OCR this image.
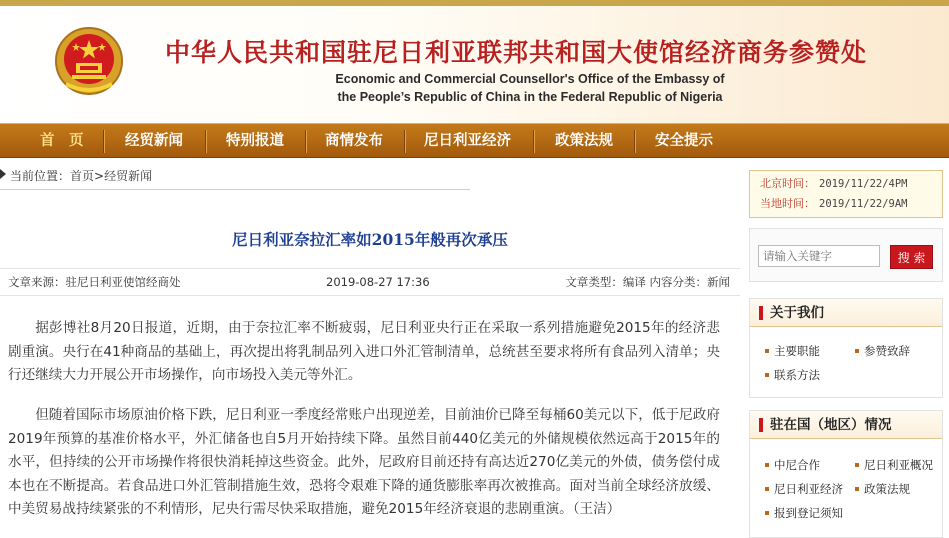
中华人民共和国驻尼日利亚联邦共和国大使馆经济商务参赞处
Economic and Commercial Counsellor's Office of the Embassy of
the People’s Republic of China in the Federal Republic of Nigeria
首　页	经贸新闻	特别报道	商情发布	尼日利亚经济	政策法规	安全提示
当前位置：首页>经贸新闻
尼日利亚奈拉汇率如2015年般再次承压
文章来源：驻尼日利亚使馆经商处	2019-08-27 17:36	文章类型：编译 内容分类：新闻

据彭博社8月20日报道，近期，由于奈拉汇率不断疲弱，尼日利亚央行正在采取一系列措施避免2015年的经济悲剧重演。央行在41种商品的基础上，再次提出将乳制品列入进口外汇管制清单，总统甚至要求将所有食品列入清单；央行还继续大力开展公开市场操作，向市场投入美元等外汇。

但随着国际市场原油价格下跌，尼日利亚一季度经常账户出现逆差，目前油价已降至每桶60美元以下，低于尼政府2019年预算的基准价格水平，外汇储备也自5月开始持续下降。虽然目前440亿美元的外储规模依然远高于2015年的水平，但持续的公开市场操作将很快消耗掉这些资金。此外，尼政府目前还持有高达近270亿美元的外债，债务偿付成本也在不断提高。若食品进口外汇管制措施生效，恐将令艰难下降的通货膨胀率再次被推高。面对当前全球经济放缓、中美贸易战持续紧张的不利情形，尼央行需尽快采取措施，避免2015年经济衰退的悲剧重演。（王洁）

北京时间： 2019/11/22/4PM
当地时间： 2019/11/22/9AM
请输入关键字
搜 索
关于我们
主要职能	参赞致辞
联系方法
驻在国（地区）情况
中尼合作	尼日利亚概况
尼日利亚经济	政策法规
报到登记须知
